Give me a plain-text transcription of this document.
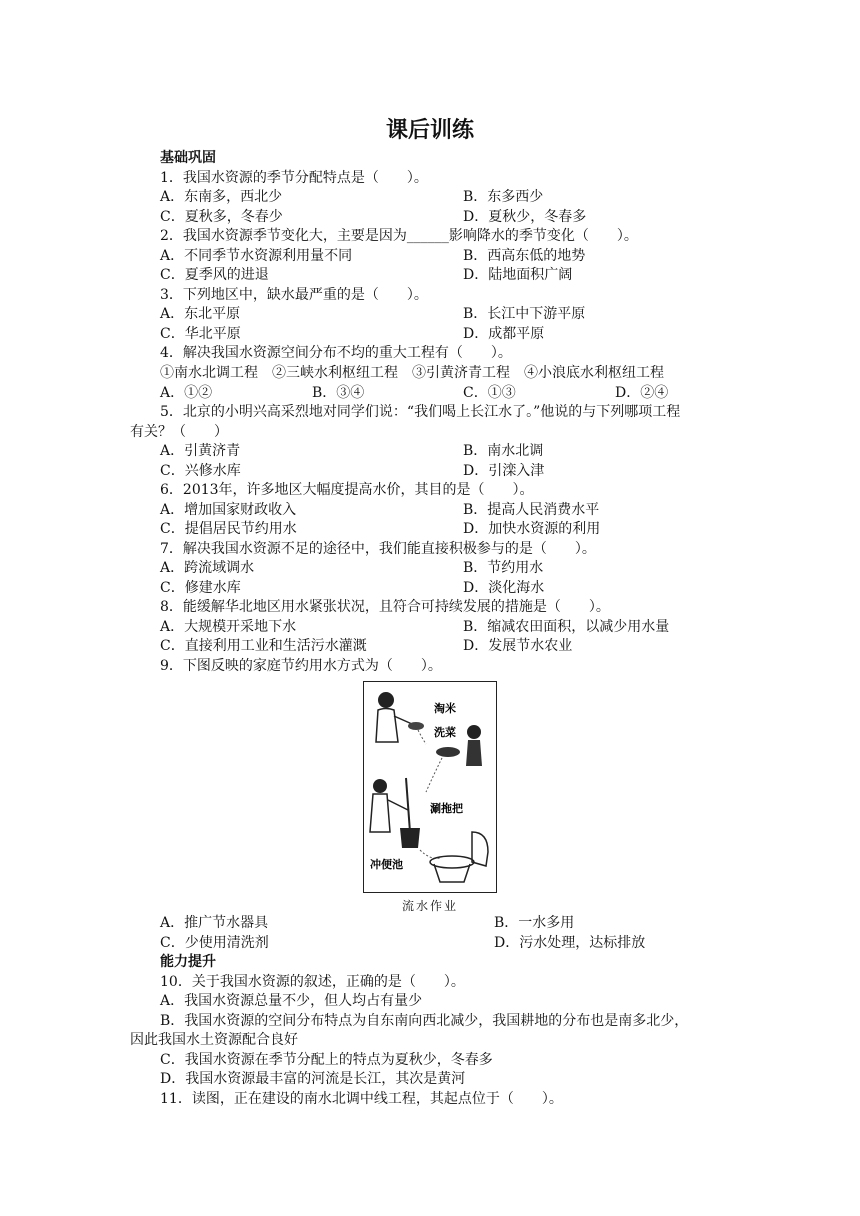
课后训练
基础巩固
1．我国水资源的季节分配特点是（　　）。
A．东南多，西北少	B．东多西少
C．夏秋多，冬春少	D．夏秋少，冬春多
2．我国水资源季节变化大，主要是因为______影响降水的季节变化（　　）。
A．不同季节水资源利用量不同	B．西高东低的地势
C．夏季风的进退	D．陆地面积广阔
3．下列地区中，缺水最严重的是（　　）。
A．东北平原	B．长江中下游平原
C．华北平原	D．成都平原
4．解决我国水资源空间分布不均的重大工程有（　　）。
①南水北调工程　②三峡水利枢纽工程　③引黄济青工程　④小浪底水利枢纽工程
A．①②	B．③④	C．①③	D．②④
5．北京的小明兴高采烈地对同学们说：“我们喝上长江水了。”他说的与下列哪项工程
有关？（　　）
A．引黄济青	B．南水北调
C．兴修水库	D．引滦入津
6．2013年，许多地区大幅度提高水价，其目的是（　　）。
A．增加国家财政收入	B．提高人民消费水平
C．提倡居民节约用水	D．加快水资源的利用
7．解决我国水资源不足的途径中，我们能直接积极参与的是（　　）。
A．跨流域调水	B．节约用水
C．修建水库	D．淡化海水
8．能缓解华北地区用水紧张状况，且符合可持续发展的措施是（　　）。
A．大规模开采地下水	B．缩减农田面积，以减少用水量
C．直接利用工业和生活污水灌溉	D．发展节水农业
9．下图反映的家庭节约用水方式为（　　）。
淘米
洗菜
涮拖把
冲便池
流水作业
A．推广节水器具	B．一水多用
C．少使用清洗剂	D．污水处理，达标排放
能力提升
10．关于我国水资源的叙述，正确的是（　　）。
A．我国水资源总量不少，但人均占有量少
B．我国水资源的空间分布特点为自东南向西北减少，我国耕地的分布也是南多北少，
因此我国水土资源配合良好
C．我国水资源在季节分配上的特点为夏秋少，冬春多
D．我国水资源最丰富的河流是长江，其次是黄河
11．读图，正在建设的南水北调中线工程，其起点位于（　　）。
